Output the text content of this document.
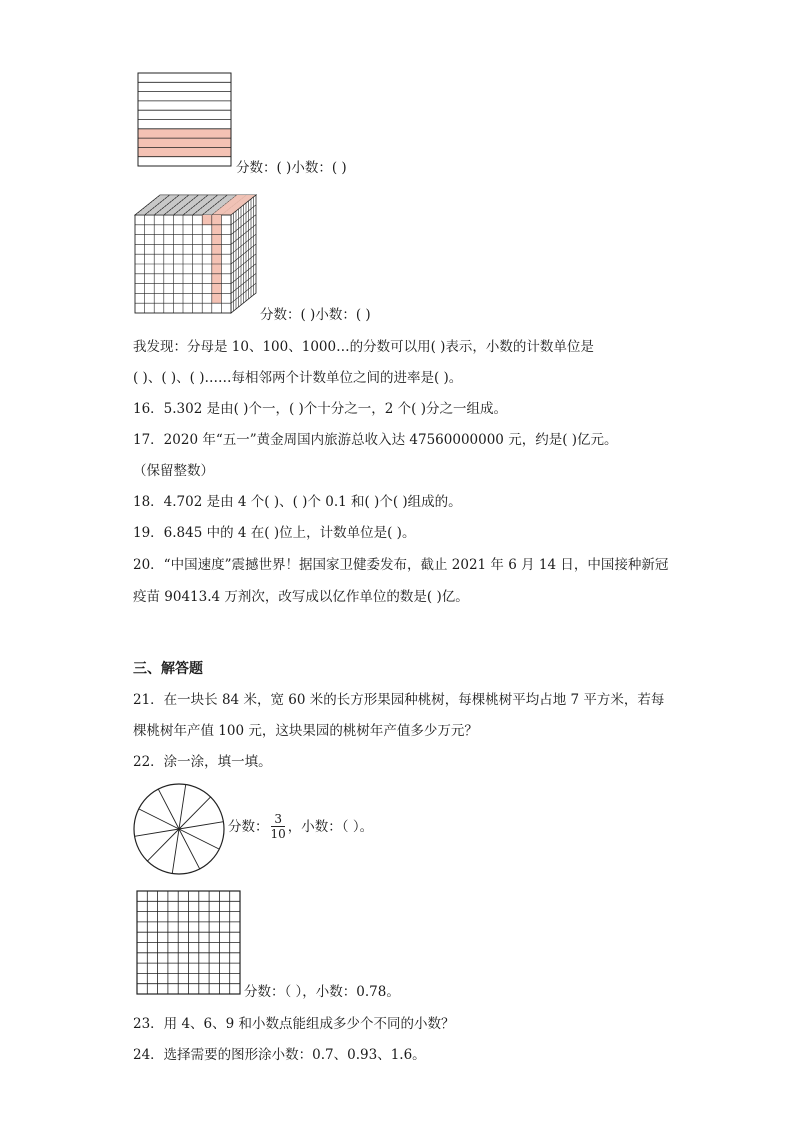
分数：( )小数：( )
分数：( )小数：( )
我发现：分母是 10、100、1000…的分数可以用( )表示，小数的计数单位是
( )、( )、( )……每相邻两个计数单位之间的进率是( )。
16．5.302 是由( )个一，( )个十分之一，2 个( )分之一组成。
17．2020 年“五一”黄金周国内旅游总收入达 47560000000 元，约是( )亿元。
（保留整数）
18．4.702 是由 4 个( )、( )个 0.1 和( )个( )组成的。
19．6.845 中的 4 在( )位上，计数单位是( )。
20．“中国速度”震撼世界！据国家卫健委发布，截止 2021 年 6 月 14 日，中国接种新冠
疫苗 90413.4 万剂次，改写成以亿作单位的数是( )亿。
三、解答题
21．在一块长 84 米，宽 60 米的长方形果园种桃树，每棵桃树平均占地 7 平方米，若每
棵桃树年产值 100 元，这块果园的桃树年产值多少万元？
22．涂一涂，填一填。
分数： 3
10 ，小数：（ ）。
分数：（ ），小数：0.78。
23．用 4、6、9 和小数点能组成多少个不同的小数？
24．选择需要的图形涂小数：0.7、0.93、1.6。
